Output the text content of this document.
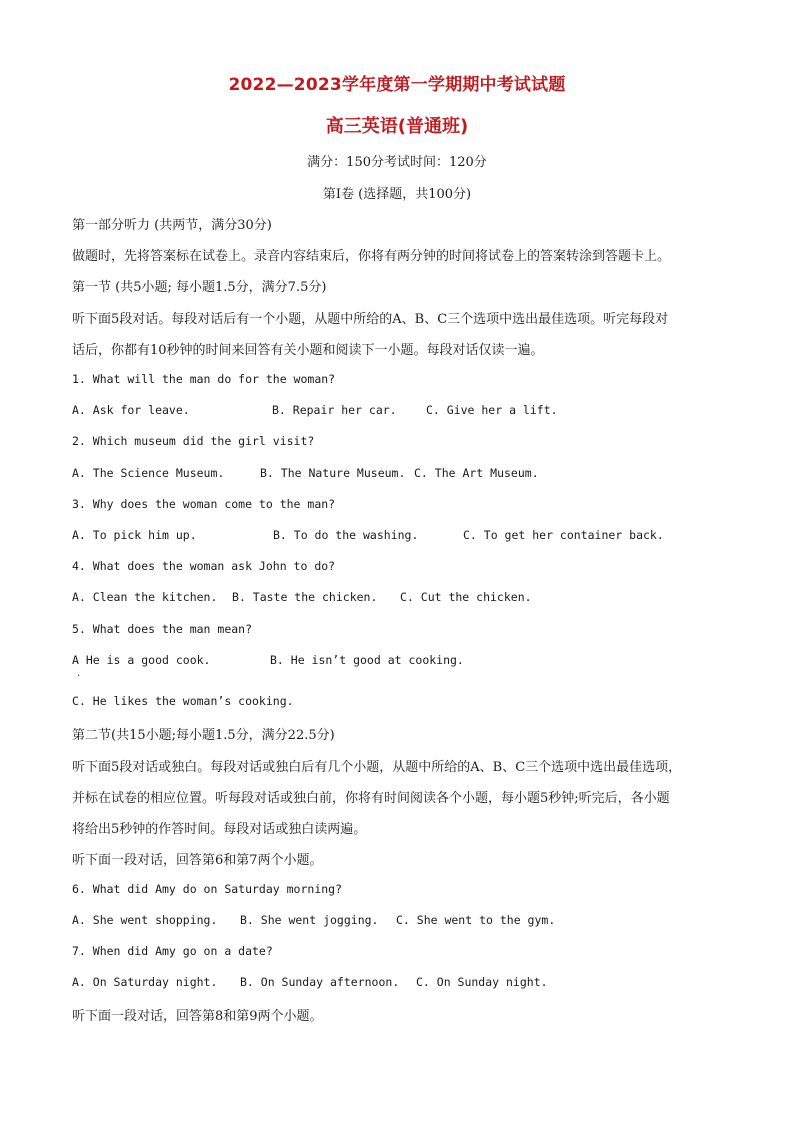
2022—2023学年度第一学期期中考试试题
高三英语(普通班)
满分：150分考试时间：120分
第Ⅰ卷 (选择题，共100分)
第一部分听力 (共两节，满分30分)
做题时，先将答案标在试卷上。录音内容结束后，你将有两分钟的时间将试卷上的答案转涂到答题卡上。
第一节 (共5小题; 每小题1.5分，满分7.5分)
听下面5段对话。每段对话后有一个小题，从题中所给的A、B、C三个选项中选出最佳选项。听完每段对
话后，你都有10秒钟的时间来回答有关小题和阅读下一小题。每段对话仅读一遍。
1. What will the man do for the woman?
A. Ask for leave.	B. Repair her car.	C. Give her a lift.
2. Which museum did the girl visit?
A. The Science Museum.	B. The Nature Museum. C. The Art Museum.
3. Why does the woman come to the man?
A. To pick him up.	B. To do the washing.	C. To get her container back.
4. What does the woman ask John to do?
A. Clean the kitchen. B. Taste the chicken. C. Cut the chicken.
5. What does the man mean?
A He is a good cook.	B. He isn’t good at cooking.
·
C. He likes the woman’s cooking.
第二节(共15小题;每小题1.5分，满分22.5分)
听下面5段对话或独白。每段对话或独白后有几个小题，从题中所给的A、B、C三个选项中选出最佳选项，
并标在试卷的相应位置。听每段对话或独白前，你将有时间阅读各个小题，每小题5秒钟;听完后，各小题
将给出5秒钟的作答时间。每段对话或独白读两遍。
听下面一段对话，回答第6和第7两个小题。
6. What did Amy do on Saturday morning?
A. She went shopping. B. She went jogging. C. She went to the gym.
7. When did Amy go on a date?
A. On Saturday night. B. On Sunday afternoon. C. On Sunday night.
听下面一段对话，回答第8和第9两个小题。
